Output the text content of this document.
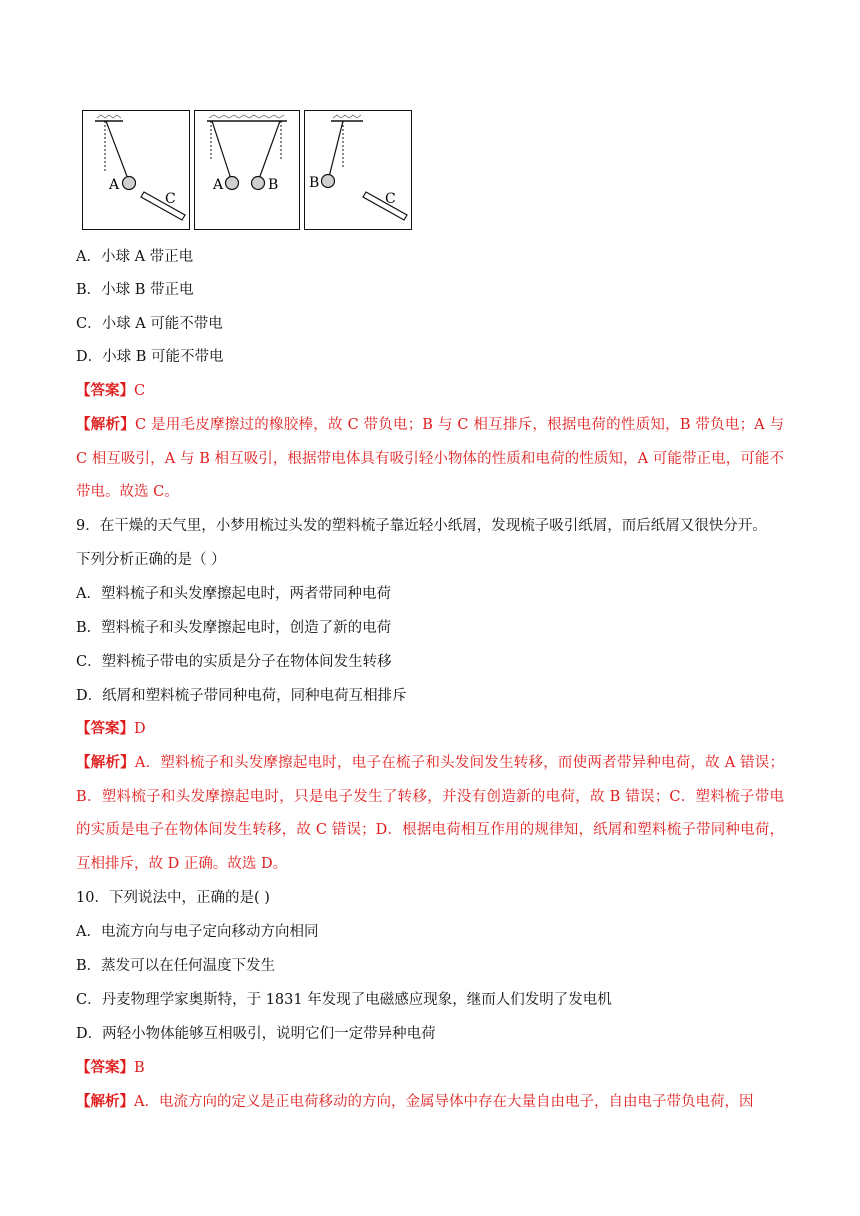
A
C
A	B B
C
A．小球 A 带正电
B．小球 B 带正电
C．小球 A 可能不带电
D．小球 B 可能不带电
【答案】C
【解析】C 是用毛皮摩擦过的橡胶棒，故 C 带负电；B 与 C 相互排斥，根据电荷的性质知，B 带负电；A 与 C 相互吸引，A 与 B 相互吸引，根据带电体具有吸引轻小物体的性质和电荷的性质知，A 可能带正电，可能不带电。故选 C。
9．在干燥的天气里，小梦用梳过头发的塑料梳子靠近轻小纸屑，发现梳子吸引纸屑，而后纸屑又很快分开。
下列分析正确的是（ ）
A．塑料梳子和头发摩擦起电时，两者带同种电荷
B．塑料梳子和头发摩擦起电时，创造了新的电荷
C．塑料梳子带电的实质是分子在物体间发生转移
D．纸屑和塑料梳子带同种电荷，同种电荷互相排斥
【答案】D
【解析】A．塑料梳子和头发摩擦起电时，电子在梳子和头发间发生转移，而使两者带异种电荷，故 A 错误；B．塑料梳子和头发摩擦起电时，只是电子发生了转移，并没有创造新的电荷，故 B 错误；C．塑料梳子带电的实质是电子在物体间发生转移，故 C 错误；D．根据电荷相互作用的规律知，纸屑和塑料梳子带同种电荷，互相排斥，故 D 正确。故选 D。
10．下列说法中，正确的是( )
A．电流方向与电子定向移动方向相同
B．蒸发可以在任何温度下发生
C．丹麦物理学家奥斯特，于 1831 年发现了电磁感应现象，继而人们发明了发电机
D．两轻小物体能够互相吸引，说明它们一定带异种电荷
【答案】B
【解析】A．电流方向的定义是正电荷移动的方向，金属导体中存在大量自由电子，自由电子带负电荷，因
